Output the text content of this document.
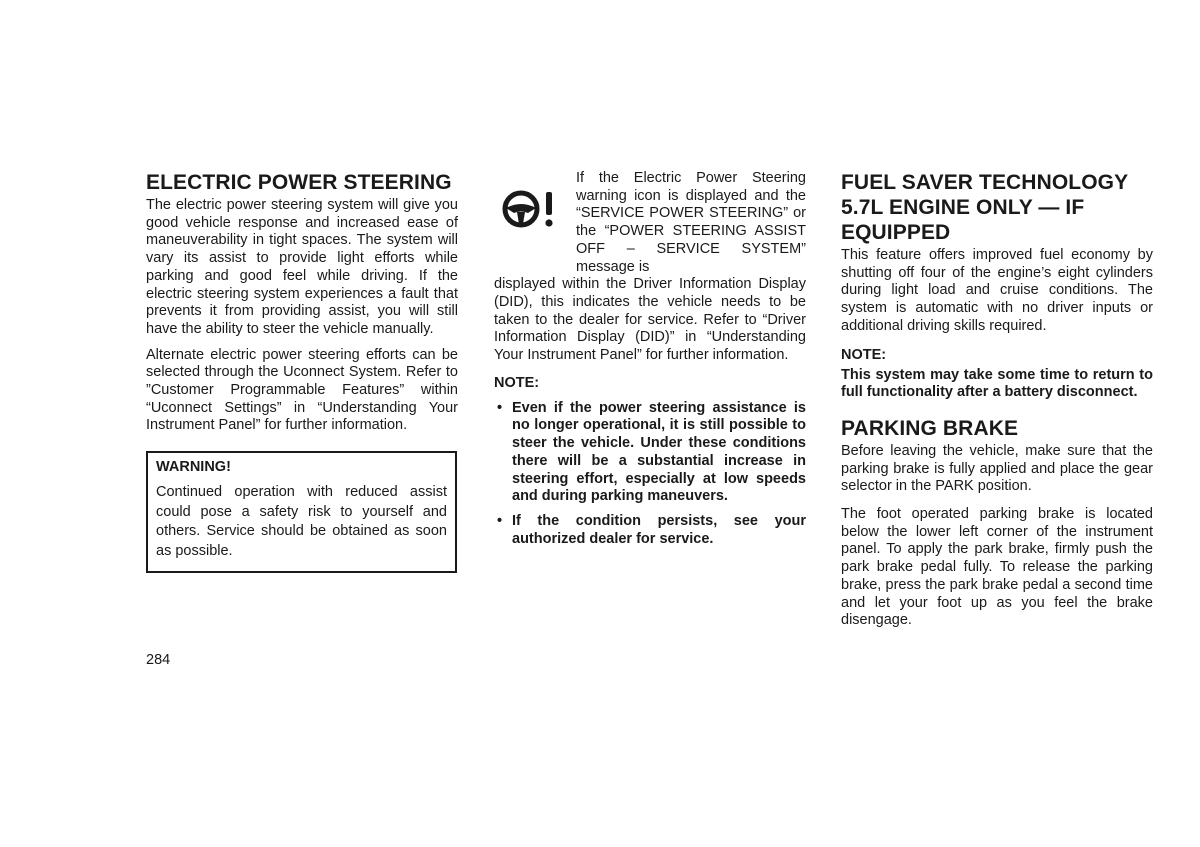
ELECTRIC POWER STEERING

The electric power steering system will give you good vehicle response and increased ease of maneuverability in tight spaces. The system will vary its assist to provide light efforts while parking and good feel while driving. If the electric steering system experiences a fault that prevents it from providing assist, you will still have the ability to steer the vehicle manually.

Alternate electric power steering efforts can be selected through the Uconnect System. Refer to ”Customer Programmable Features” within “Uconnect Settings” in “Understanding Your Instrument Panel” for further information.

WARNING!

Continued operation with reduced assist could pose a safety risk to yourself and others. Service should be obtained as soon as possible.

If the Electric Power Steering warning icon is displayed and the “SERVICE POWER STEERING” or the “POWER STEERING ASSIST OFF – SERVICE SYSTEM” message is

displayed within the Driver Information Display (DID), this indicates the vehicle needs to be taken to the dealer for service. Refer to “Driver Information Display (DID)” in “Understanding Your Instrument Panel” for further information.

NOTE:
• Even if the power steering assistance is no longer operational, it is still possible to steer the vehicle. Under these conditions there will be a substantial increase in steering effort, especially at low speeds and during parking maneuvers.
• If the condition persists, see your authorized dealer for service.
FUEL SAVER TECHNOLOGY 5.7L ENGINE ONLY — IF EQUIPPED

This feature offers improved fuel economy by shutting off four of the engine’s eight cylinders during light load and cruise conditions. The system is automatic with no driver inputs or additional driving skills required.

NOTE:

This system may take some time to return to full functionality after a battery disconnect.

PARKING BRAKE

Before leaving the vehicle, make sure that the parking brake is fully applied and place the gear selector in the PARK position.

The foot operated parking brake is located below the lower left corner of the instrument panel. To apply the park brake, firmly push the park brake pedal fully. To release the parking brake, press the park brake pedal a second time and let your foot up as you feel the brake disengage.

284
